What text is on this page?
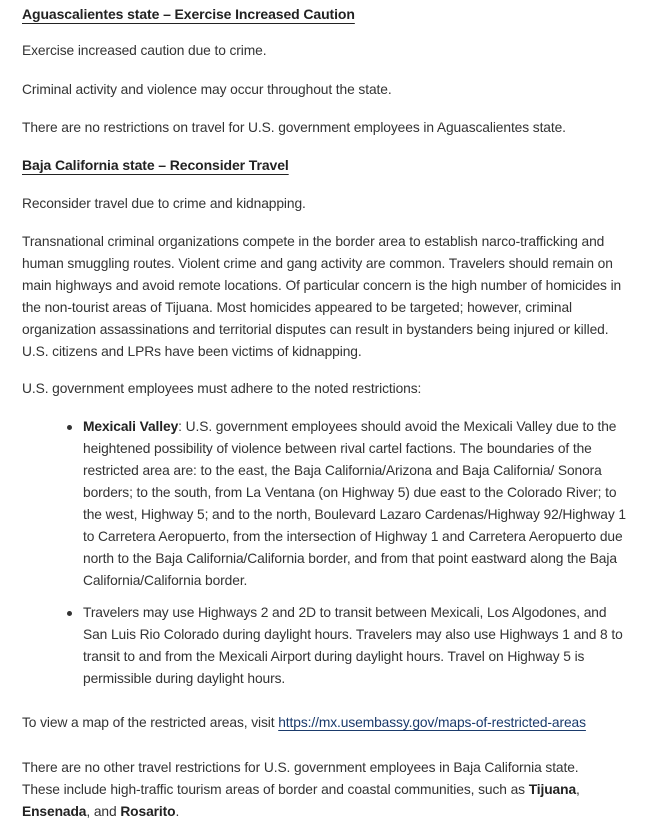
Aguascalientes state – Exercise Increased Caution

Exercise increased caution due to crime.

Criminal activity and violence may occur throughout the state.

There are no restrictions on travel for U.S. government employees in Aguascalientes state.

Baja California state – Reconsider Travel

Reconsider travel due to crime and kidnapping.

Transnational criminal organizations compete in the border area to establish narco-trafficking and human smuggling routes. Violent crime and gang activity are common. Travelers should remain on main highways and avoid remote locations. Of particular concern is the high number of homicides in the non-tourist areas of Tijuana. Most homicides appeared to be targeted; however, criminal organization assassinations and territorial disputes can result in bystanders being injured or killed. U.S. citizens and LPRs have been victims of kidnapping.

U.S. government employees must adhere to the noted restrictions:

Mexicali Valley: U.S. government employees should avoid the Mexicali Valley due to the heightened possibility of violence between rival cartel factions. The boundaries of the restricted area are: to the east, the Baja California/Arizona and Baja California/ Sonora borders; to the south, from La Ventana (on Highway 5) due east to the Colorado River; to the west, Highway 5; and to the north, Boulevard Lazaro Cardenas/Highway 92/Highway 1 to Carretera Aeropuerto, from the intersection of Highway 1 and Carretera Aeropuerto due north to the Baja California/California border, and from that point eastward along the Baja California/California border.
Travelers may use Highways 2 and 2D to transit between Mexicali, Los Algodones, and San Luis Rio Colorado during daylight hours. Travelers may also use Highways 1 and 8 to transit to and from the Mexicali Airport during daylight hours. Travel on Highway 5 is permissible during daylight hours.

To view a map of the restricted areas, visit https://mx.usembassy.gov/maps-of-restricted-areas

There are no other travel restrictions for U.S. government employees in Baja California state. These include high-traffic tourism areas of border and coastal communities, such as Tijuana, Ensenada, and Rosarito.
